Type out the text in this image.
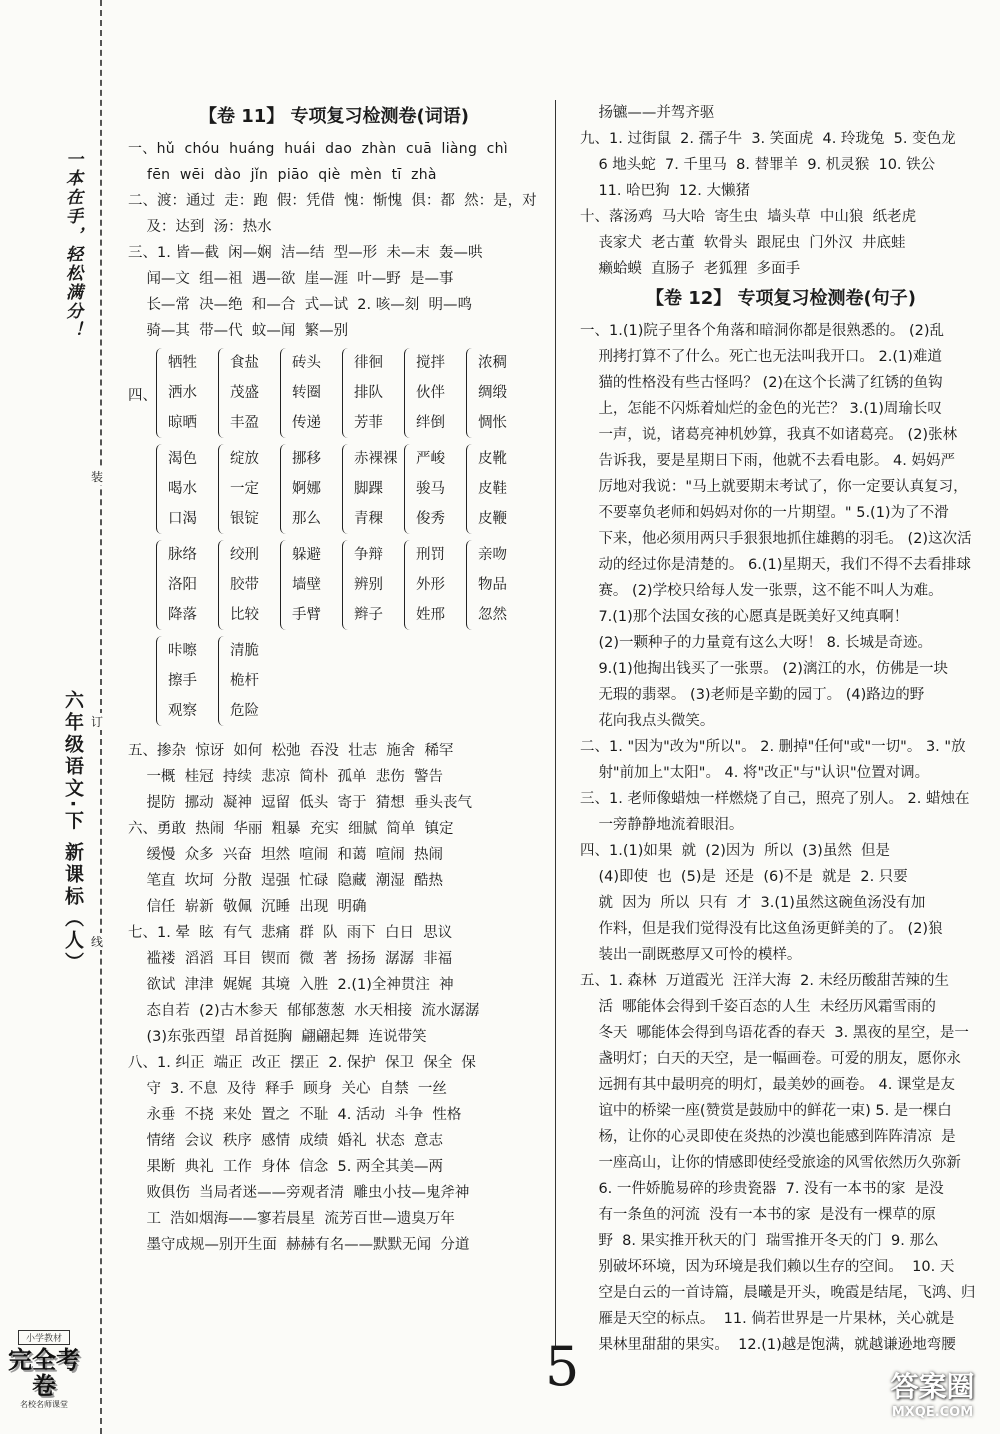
一本在手，轻松满分！
六年级语文·下 新课标（人）
装
订
线
小学教材
完全考卷
名校名师课堂
【卷 11】 专项复习检测卷(词语)
一、hǔ  chóu  huáng  huái  dao  zhàn  cuā  liàng  chì
fēn  wēi  dào  jǐn  piāo  qiè  mèn  tī  zhà
二、渡：通过  走：跑  假：凭借  愧：惭愧  俱：都  然：是，对
及：达到  汤：热水
三、1. 皆—截  闲—娴  洁—结  型—形  未—末  轰—哄
闻—文  组—祖  遇—欲  崖—涯  叶—野  是—事
长—常  决—绝  和—合  式—试  2. 咳—刻  明—鸣
骑—其  带—代  蚊—闻  繁—别
四、
牺牲
洒水
晾晒
食盐
茂盛
丰盈
砖头
转圈
传递
徘徊
排队
芳菲
搅拌
伙伴
绊倒
浓稠
绸缎
惆怅
渴色
喝水
口渴
绽放
一定
银锭
挪移
婀娜
那么
赤裸裸
脚踝
青稞
严峻
骏马
俊秀
皮靴
皮鞋
皮鞭
脉络
洛阳
降落
绞刑
胶带
比较
躲避
墙壁
手臂
争辩
辨别
辫子
刑罚
外形
姓邢
亲吻
物品
忽然
咔嚓
擦手
观察
清脆
桅杆
危险
五、掺杂  惊讶  如何  松弛  吞没  壮志  施舍  稀罕
一概  桂冠  持续  悲凉  简朴  孤单  悲伤  警告
提防  挪动  凝神  逗留  低头  寄于  猜想  垂头丧气
六、勇敢  热闹  华丽  粗暴  充实  细腻  简单  镇定
缓慢  众多  兴奋  坦然  喧闹  和蔼  喧闹  热闹
笔直  坎坷  分散  逞强  忙碌  隐藏  潮湿  酷热
信任  崭新  敬佩  沉睡  出现  明确
七、1. 晕  眩  有气  悲痛  群  队  雨下  白日  思议
褴褛  滔滔  耳目  锲而  微  著  扬扬  潺潺  非福
欲试  津津  娓娓  其境  入胜  2.(1)全神贯注  神
态自若  (2)古木参天  郁郁葱葱  水天相接  流水潺潺
(3)东张西望  昂首挺胸  翩翩起舞  连说带笑
八、1. 纠正  端正  改正  摆正  2. 保护  保卫  保全  保
守  3. 不息  及待  释手  顾身  关心  自禁  一丝
永垂  不挠  来处  置之  不耻  4. 活动  斗争  性格
情绪  会议  秩序  感情  成绩  婚礼  状态  意志
果断  典礼  工作  身体  信念  5. 两全其美—两
败俱伤  当局者迷——旁观者清  雕虫小技—鬼斧神
工  浩如烟海——寥若晨星  流芳百世—遗臭万年
墨守成规—别开生面  赫赫有名——默默无闻  分道
扬镳——并驾齐驱
九、1. 过街鼠  2. 孺子牛  3. 笑面虎  4. 玲珑兔  5. 变色龙
6 地头蛇  7. 千里马  8. 替罪羊  9. 机灵猴  10. 铁公
11. 哈巴狗  12. 大懒猪
十、落汤鸡  马大哈  寄生虫  墙头草  中山狼  纸老虎
丧家犬  老古董  软骨头  跟屁虫  门外汉  井底蛙
癞蛤蟆  直肠子  老狐狸  多面手
【卷 12】 专项复习检测卷(句子)
一、1.(1)院子里各个角落和暗洞你都是很熟悉的。 (2)乱
刑拷打算不了什么。死亡也无法叫我开口。 2.(1)难道
猫的性格没有些古怪吗？ (2)在这个长满了红锈的鱼钩
上，怎能不闪烁着灿烂的金色的光芒？ 3.(1)周瑜长叹
一声，说，诸葛亮神机妙算，我真不如诸葛亮。 (2)张林
告诉我，要是星期日下雨，他就不去看电影。 4. 妈妈严
厉地对我说："马上就要期末考试了，你一定要认真复习，
不要辜负老师和妈妈对你的一片期望。" 5.(1)为了不滑
下来，他必须用两只手狠狠地抓住雄鹅的羽毛。 (2)这次活
动的经过你是清楚的。 6.(1)星期天，我们不得不去看排球
赛。 (2)学校只给每人发一张票，这不能不叫人为难。
7.(1)那个法国女孩的心愿真是既美好又纯真啊！
(2)一颗种子的力量竟有这么大呀！ 8. 长城是奇迹。
9.(1)他掏出钱买了一张票。 (2)漓江的水，仿佛是一块
无瑕的翡翠。 (3)老师是辛勤的园丁。 (4)路边的野
花向我点头微笑。
二、1. "因为"改为"所以"。 2. 删掉"任何"或"一切"。 3. "放
射"前加上"太阳"。 4. 将"改正"与"认识"位置对调。
三、1. 老师像蜡烛一样燃烧了自己，照亮了别人。 2. 蜡烛在
一旁静静地流着眼泪。
四、1.(1)如果  就  (2)因为  所以  (3)虽然  但是
(4)即使  也  (5)是  还是  (6)不是  就是  2. 只要
就  因为  所以  只有  才  3.(1)虽然这碗鱼汤没有加
作料，但是我们觉得没有比这鱼汤更鲜美的了。 (2)狼
装出一副既憨厚又可怜的模样。
五、1. 森林  万道霞光  汪洋大海  2. 未经历酸甜苦辣的生
活  哪能体会得到千姿百态的人生  未经历风霜雪雨的
冬天  哪能体会得到鸟语花香的春天  3. 黑夜的星空，是一
盏明灯；白天的天空，是一幅画卷。可爱的朋友，愿你永
远拥有其中最明亮的明灯，最美妙的画卷。 4. 课堂是友
谊中的桥梁一座(赞赏是鼓励中的鲜花一束) 5. 是一棵白
杨，让你的心灵即使在炎热的沙漠也能感到阵阵清凉  是
一座高山，让你的情感即使经受旅途的风雪依然历久弥新
6. 一件娇脆易碎的珍贵瓷器  7. 没有一本书的家  是没
有一条鱼的河流  没有一本书的家  是没有一棵草的原
野  8. 果实推开秋天的门  瑞雪推开冬天的门  9. 那么
别破坏环境，因为环境是我们赖以生存的空间。  10. 天
空是白云的一首诗篇，晨曦是开头，晚霞是结尾，飞鸿、归
雁是天空的标点。  11. 倘若世界是一片果林，关心就是
果林里甜甜的果实。  12.(1)越是饱满，就越谦逊地弯腰
5	答案圈
MXQE.COM
